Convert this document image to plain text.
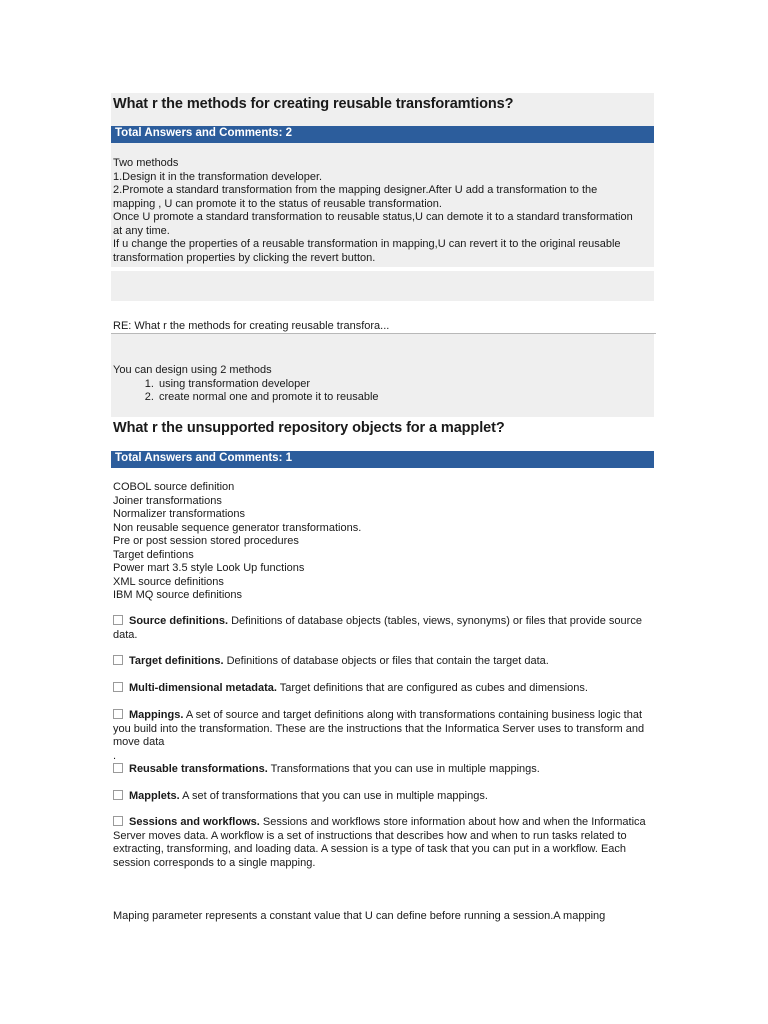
What r the methods for creating reusable transforamtions?
Total Answers and Comments: 2
Two methods
1.Design it in the transformation developer.
2.Promote a standard transformation from the mapping designer.After U add a transformation to the
mapping , U can promote it to the status of reusable transformation.
Once U promote a standard transformation to reusable status,U can demote it to a standard transformation
at any time.
If u change the properties of a reusable transformation in mapping,U can revert it to the original reusable
transformation properties by clicking the revert button.
RE: What r the methods for creating reusable transfora...
You can design using 2 methods
1. using transformation developer
2. create normal one and promote it to reusable
What r the unsupported repository objects for a mapplet?
Total Answers and Comments: 1
COBOL source definition
Joiner transformations
Normalizer transformations
Non reusable sequence generator transformations.
Pre or post session stored procedures
Target defintions
Power mart 3.5 style Look Up functions
XML source definitions
IBM MQ source definitions
Source definitions. Definitions of database objects (tables, views, synonyms) or files that provide source data.
Target definitions. Definitions of database objects or files that contain the target data.
Multi-dimensional metadata. Target definitions that are configured as cubes and dimensions.
Mappings. A set of source and target definitions along with transformations containing business logic that you build into the transformation. These are the instructions that the Informatica Server uses to transform and move data
.
Reusable transformations. Transformations that you can use in multiple mappings.
Mapplets. A set of transformations that you can use in multiple mappings.
Sessions and workflows. Sessions and workflows store information about how and when the Informatica Server moves data. A workflow is a set of instructions that describes how and when to run tasks related to extracting, transforming, and loading data. A session is a type of task that you can put in a workflow. Each session corresponds to a single mapping.
Maping parameter represents a constant value that U can define before running a session.A mapping
